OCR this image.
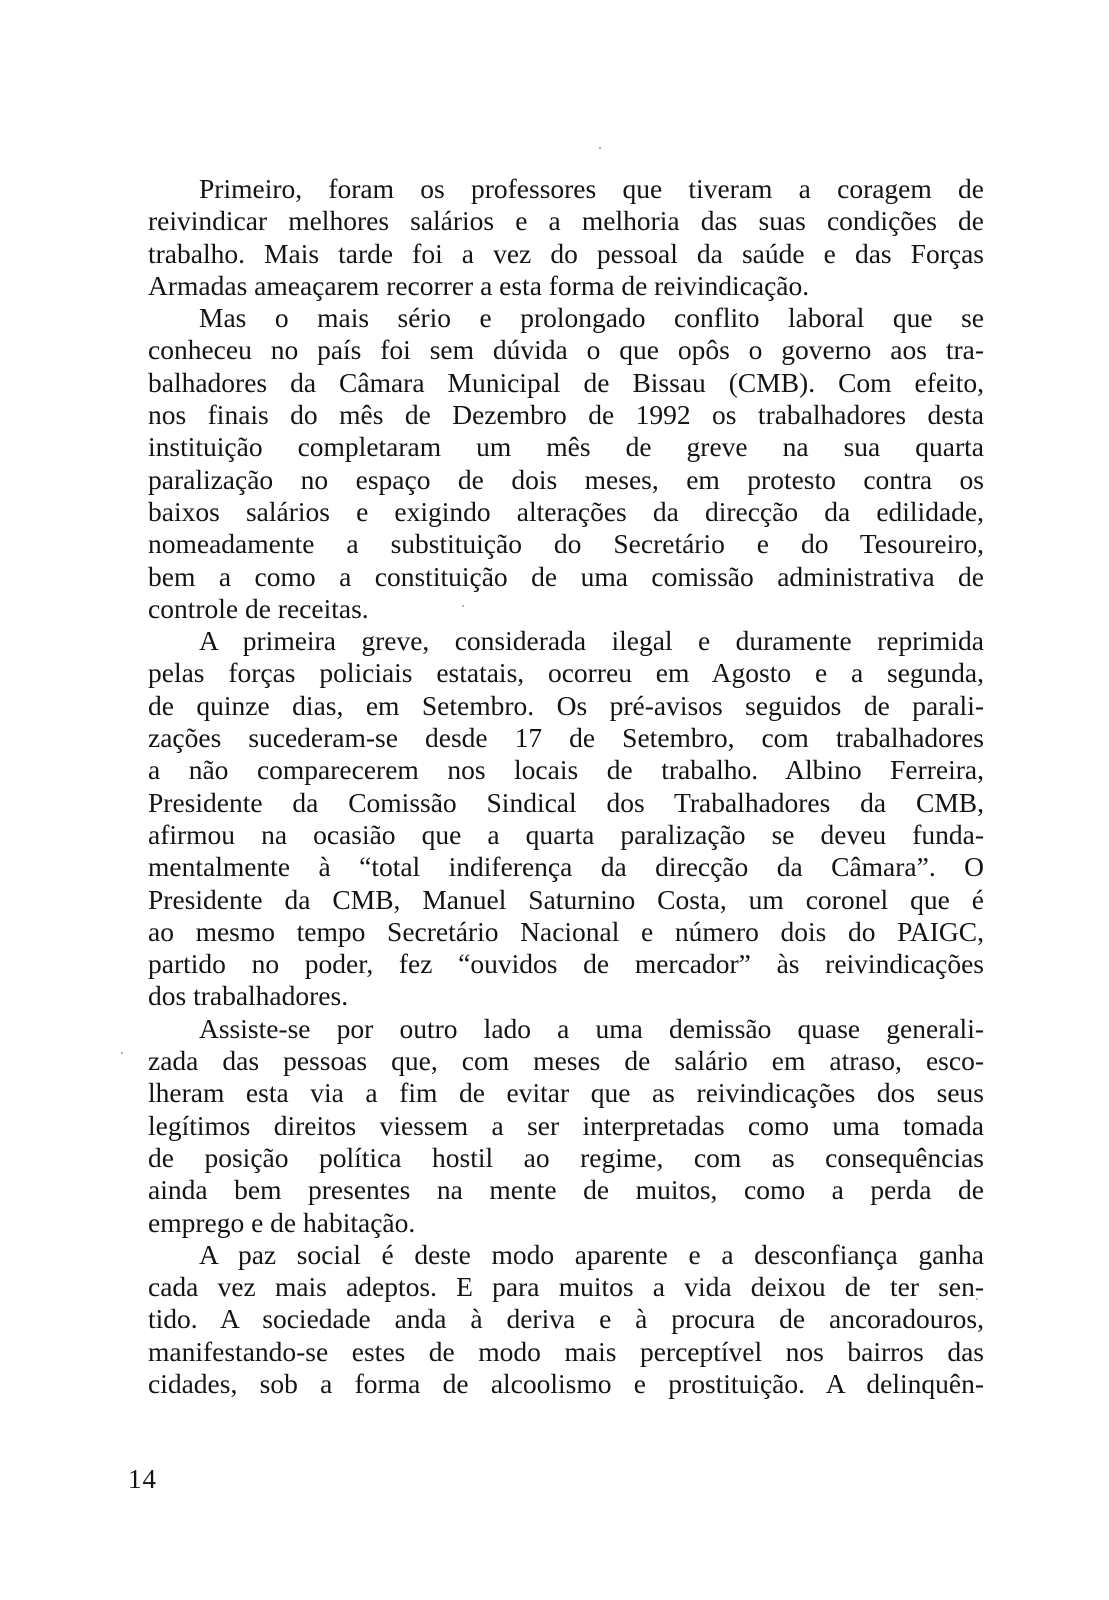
Primeiro, foram os professores que tiveram a coragem de
reivindicar melhores salários e a melhoria das suas condições de
trabalho. Mais tarde foi a vez do pessoal da saúde e das Forças
Armadas ameaçarem recorrer a esta forma de reivindicação.

Mas o mais sério e prolongado conflito laboral que se
conheceu no país foi sem dúvida o que opôs o governo aos tra-
balhadores da Câmara Municipal de Bissau (CMB). Com efeito,
nos finais do mês de Dezembro de 1992 os trabalhadores desta
instituição completaram um mês de greve na sua quarta
paralização no espaço de dois meses, em protesto contra os
baixos salários e exigindo alterações da direcção da edilidade,
nomeadamente a substituição do Secretário e do Tesoureiro,
bem a como a constituição de uma comissão administrativa de
controle de receitas.

A primeira greve, considerada ilegal e duramente reprimida
pelas forças policiais estatais, ocorreu em Agosto e a segunda,
de quinze dias, em Setembro. Os pré-avisos seguidos de parali-
zações sucederam-se desde 17 de Setembro, com trabalhadores
a não comparecerem nos locais de trabalho. Albino Ferreira,
Presidente da Comissão Sindical dos Trabalhadores da CMB,
afirmou na ocasião que a quarta paralização se deveu funda-
mentalmente à “total indiferença da direcção da Câmara”. O
Presidente da CMB, Manuel Saturnino Costa, um coronel que é
ao mesmo tempo Secretário Nacional e número dois do PAIGC,
partido no poder, fez “ouvidos de mercador” às reivindicações
dos trabalhadores.

Assiste-se por outro lado a uma demissão quase generali-
zada das pessoas que, com meses de salário em atraso, esco-
lheram esta via a fim de evitar que as reivindicações dos seus
legítimos direitos viessem a ser interpretadas como uma tomada
de posição política hostil ao regime, com as consequências
ainda bem presentes na mente de muitos, como a perda de
emprego e de habitação.

A paz social é deste modo aparente e a desconfiança ganha
cada vez mais adeptos. E para muitos a vida deixou de ter sen-
tido. A sociedade anda à deriva e à procura de ancoradouros,
manifestando-se estes de modo mais perceptível nos bairros das
cidades, sob a forma de alcoolismo e prostituição. A delinquên-

14
